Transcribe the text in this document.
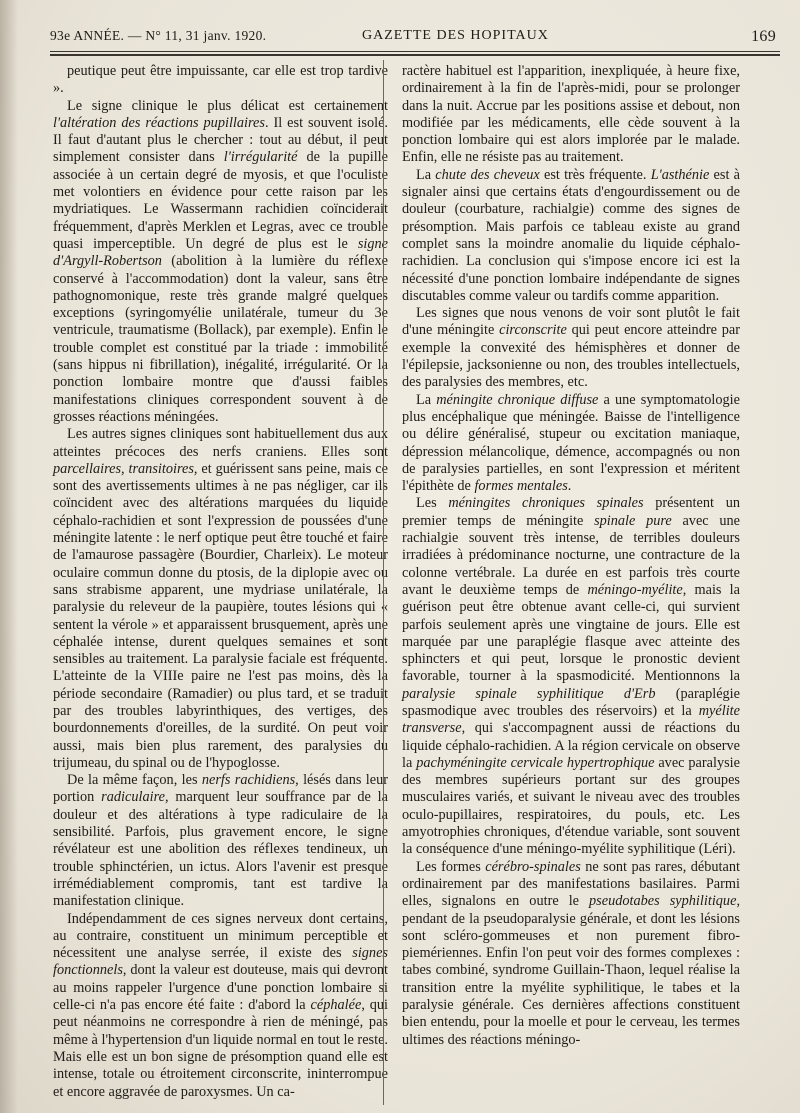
93e ANNÉE. — N° 11, 31 janv. 1920.	GAZETTE DES HOPITAUX	169

peutique peut être impuissante, car elle est trop tardive ».

Le signe clinique le plus délicat est certainement l'altération des réactions pupillaires. Il est souvent isolé. Il faut d'autant plus le chercher : tout au début, il peut simplement consister dans l'irrégularité de la pupille associée à un certain degré de myosis, et que l'oculiste met volontiers en évidence pour cette raison par les mydriatiques. Le Wassermann rachidien coïnciderait fréquemment, d'après Merklen et Legras, avec ce trouble quasi imperceptible. Un degré de plus est le signe d'Argyll-Robertson (abolition à la lumière du réflexe conservé à l'accommodation) dont la valeur, sans être pathognomonique, reste très grande malgré quelques exceptions (syringomyélie unilatérale, tumeur du 3e ventricule, traumatisme (Bollack), par exemple). Enfin le trouble complet est constitué par la triade : immobilité (sans hippus ni fibrillation), inégalité, irrégularité. Or la ponction lombaire montre que d'aussi faibles manifestations cliniques correspondent souvent à de grosses réactions méningées.

Les autres signes cliniques sont habituellement dus aux atteintes précoces des nerfs craniens. Elles sont parcellaires, transitoires, et guérissent sans peine, mais ce sont des avertissements ultimes à ne pas négliger, car ils coïncident avec des altérations marquées du liquide céphalo-rachidien et sont l'expression de poussées d'une méningite latente : le nerf optique peut être touché et faire de l'amaurose passagère (Bourdier, Charleix). Le moteur oculaire commun donne du ptosis, de la diplopie avec ou sans strabisme apparent, une mydriase unilatérale, la paralysie du releveur de la paupière, toutes lésions qui « sentent la vérole » et apparaissent brusquement, après une céphalée intense, durent quelques semaines et sont sensibles au traitement. La paralysie faciale est fréquente. L'atteinte de la VIIIe paire ne l'est pas moins, dès la période secondaire (Ramadier) ou plus tard, et se traduit par des troubles labyrinthiques, des vertiges, des bourdonnements d'oreilles, de la surdité. On peut voir aussi, mais bien plus rarement, des paralysies du trijumeau, du spinal ou de l'hypoglosse.

De la même façon, les nerfs rachidiens, lésés dans leur portion radiculaire, marquent leur souffrance par de la douleur et des altérations à type radiculaire de la sensibilité. Parfois, plus gravement encore, le signe révélateur est une abolition des réflexes tendineux, un trouble sphinctérien, un ictus. Alors l'avenir est presque irrémédiablement compromis, tant est tardive la manifestation clinique.

Indépendamment de ces signes nerveux dont certains, au contraire, constituent un minimum perceptible et nécessitent une analyse serrée, il existe des signes fonctionnels, dont la valeur est douteuse, mais qui devront au moins rappeler l'urgence d'une ponction lombaire si celle-ci n'a pas encore été faite : d'abord la céphalée, qui peut néanmoins ne correspondre à rien de méningé, pas même à l'hypertension d'un liquide normal en tout le reste. Mais elle est un bon signe de présomption quand elle est intense, totale ou étroitement circonscrite, ininterrompue et encore aggravée de paroxysmes. Un ca-

ractère habituel est l'apparition, inexpliquée, à heure fixe, ordinairement à la fin de l'après-midi, pour se prolonger dans la nuit. Accrue par les positions assise et debout, non modifiée par les médicaments, elle cède souvent à la ponction lombaire qui est alors implorée par le malade. Enfin, elle ne résiste pas au traitement.

La chute des cheveux est très fréquente. L'asthénie est à signaler ainsi que certains états d'engourdissement ou de douleur (courbature, rachialgie) comme des signes de présomption. Mais parfois ce tableau existe au grand complet sans la moindre anomalie du liquide céphalo-rachidien. La conclusion qui s'impose encore ici est la nécessité d'une ponction lombaire indépendante de signes discutables comme valeur ou tardifs comme apparition.

Les signes que nous venons de voir sont plutôt le fait d'une méningite circonscrite qui peut encore atteindre par exemple la convexité des hémisphères et donner de l'épilepsie, jacksonienne ou non, des troubles intellectuels, des paralysies des membres, etc.

La méningite chronique diffuse a une symptomatologie plus encéphalique que méningée. Baisse de l'intelligence ou délire généralisé, stupeur ou excitation maniaque, dépression mélancolique, démence, accompagnés ou non de paralysies partielles, en sont l'expression et méritent l'épithète de formes mentales.

Les méningites chroniques spinales présentent un premier temps de méningite spinale pure avec une rachialgie souvent très intense, de terribles douleurs irradiées à prédominance nocturne, une contracture de la colonne vertébrale. La durée en est parfois très courte avant le deuxième temps de méningo-myélite, mais la guérison peut être obtenue avant celle-ci, qui survient parfois seulement après une vingtaine de jours. Elle est marquée par une paraplégie flasque avec atteinte des sphincters et qui peut, lorsque le pronostic devient favorable, tourner à la spasmodicité. Mentionnons la paralysie spinale syphilitique d'Erb (paraplégie spasmodique avec troubles des réservoirs) et la myélite transverse, qui s'accompagnent aussi de réactions du liquide céphalo-rachidien. A la région cervicale on observe la pachyméningite cervicale hypertrophique avec paralysie des membres supérieurs portant sur des groupes musculaires variés, et suivant le niveau avec des troubles oculo-pupillaires, respiratoires, du pouls, etc. Les amyotrophies chroniques, d'étendue variable, sont souvent la conséquence d'une méningo-myélite syphilitique (Léri).

Les formes cérébro-spinales ne sont pas rares, débutant ordinairement par des manifestations basilaires. Parmi elles, signalons en outre le pseudotabes syphilitique, pendant de la pseudoparalysie générale, et dont les lésions sont scléro-gommeuses et non purement fibro-piemériennes. Enfin l'on peut voir des formes complexes : tabes combiné, syndrome Guillain-Thaon, lequel réalise la transition entre la myélite syphilitique, le tabes et la paralysie générale. Ces dernières affections constituent bien entendu, pour la moelle et pour le cerveau, les termes ultimes des réactions méningo-
